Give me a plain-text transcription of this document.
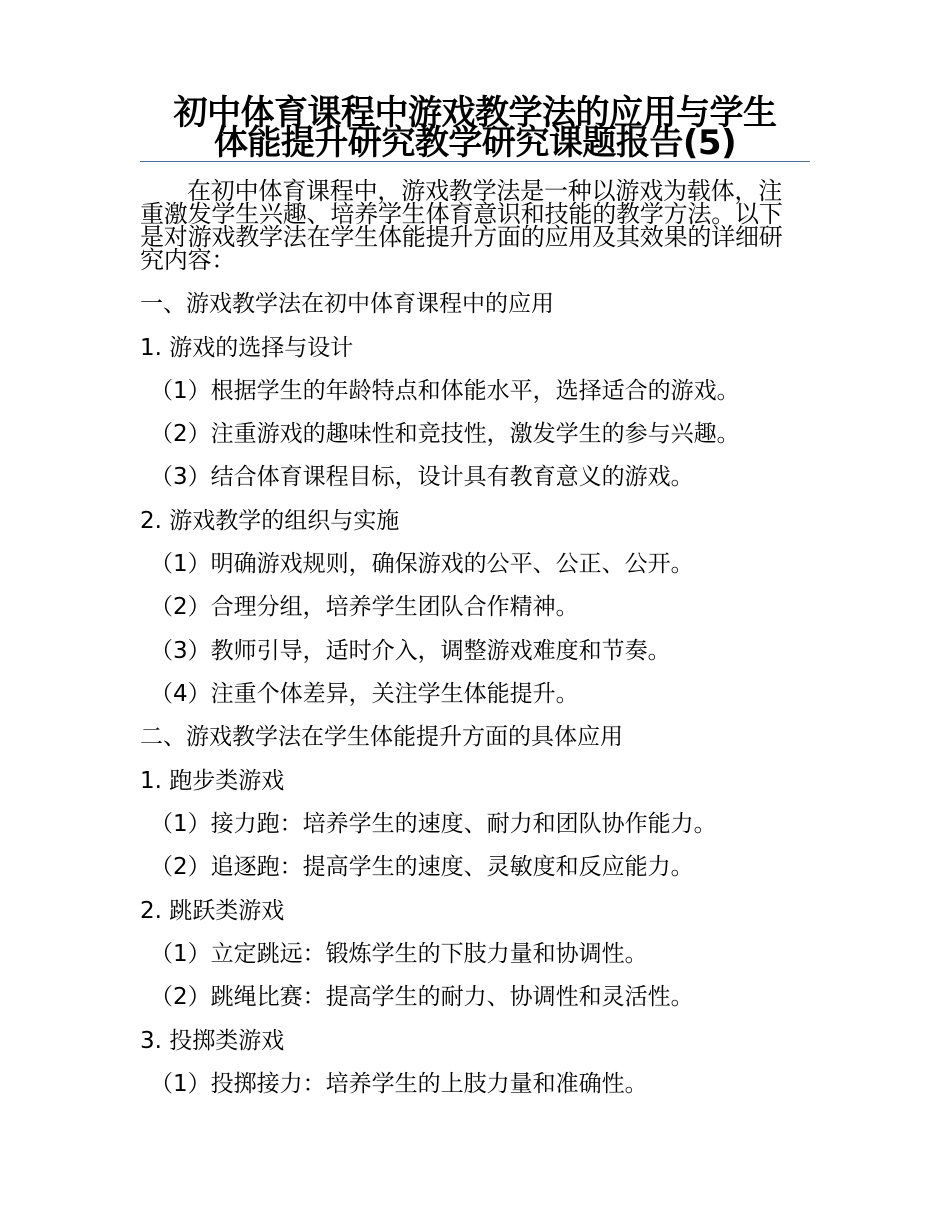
初中体育课程中游戏教学法的应用与学生
体能提升研究教学研究课题报告(5)

在初中体育课程中，游戏教学法是一种以游戏为载体，注
重激发学生兴趣、培养学生体育意识和技能的教学方法。以下
是对游戏教学法在学生体能提升方面的应用及其效果的详细研
究内容：

一、游戏教学法在初中体育课程中的应用

1. 游戏的选择与设计

（1）根据学生的年龄特点和体能水平，选择适合的游戏。

（2）注重游戏的趣味性和竞技性，激发学生的参与兴趣。

（3）结合体育课程目标，设计具有教育意义的游戏。

2. 游戏教学的组织与实施

（1）明确游戏规则，确保游戏的公平、公正、公开。

（2）合理分组，培养学生团队合作精神。

（3）教师引导，适时介入，调整游戏难度和节奏。

（4）注重个体差异，关注学生体能提升。

二、游戏教学法在学生体能提升方面的具体应用

1. 跑步类游戏

（1）接力跑：培养学生的速度、耐力和团队协作能力。

（2）追逐跑：提高学生的速度、灵敏度和反应能力。

2. 跳跃类游戏

（1）立定跳远：锻炼学生的下肢力量和协调性。

（2）跳绳比赛：提高学生的耐力、协调性和灵活性。

3. 投掷类游戏

（1）投掷接力：培养学生的上肢力量和准确性。
